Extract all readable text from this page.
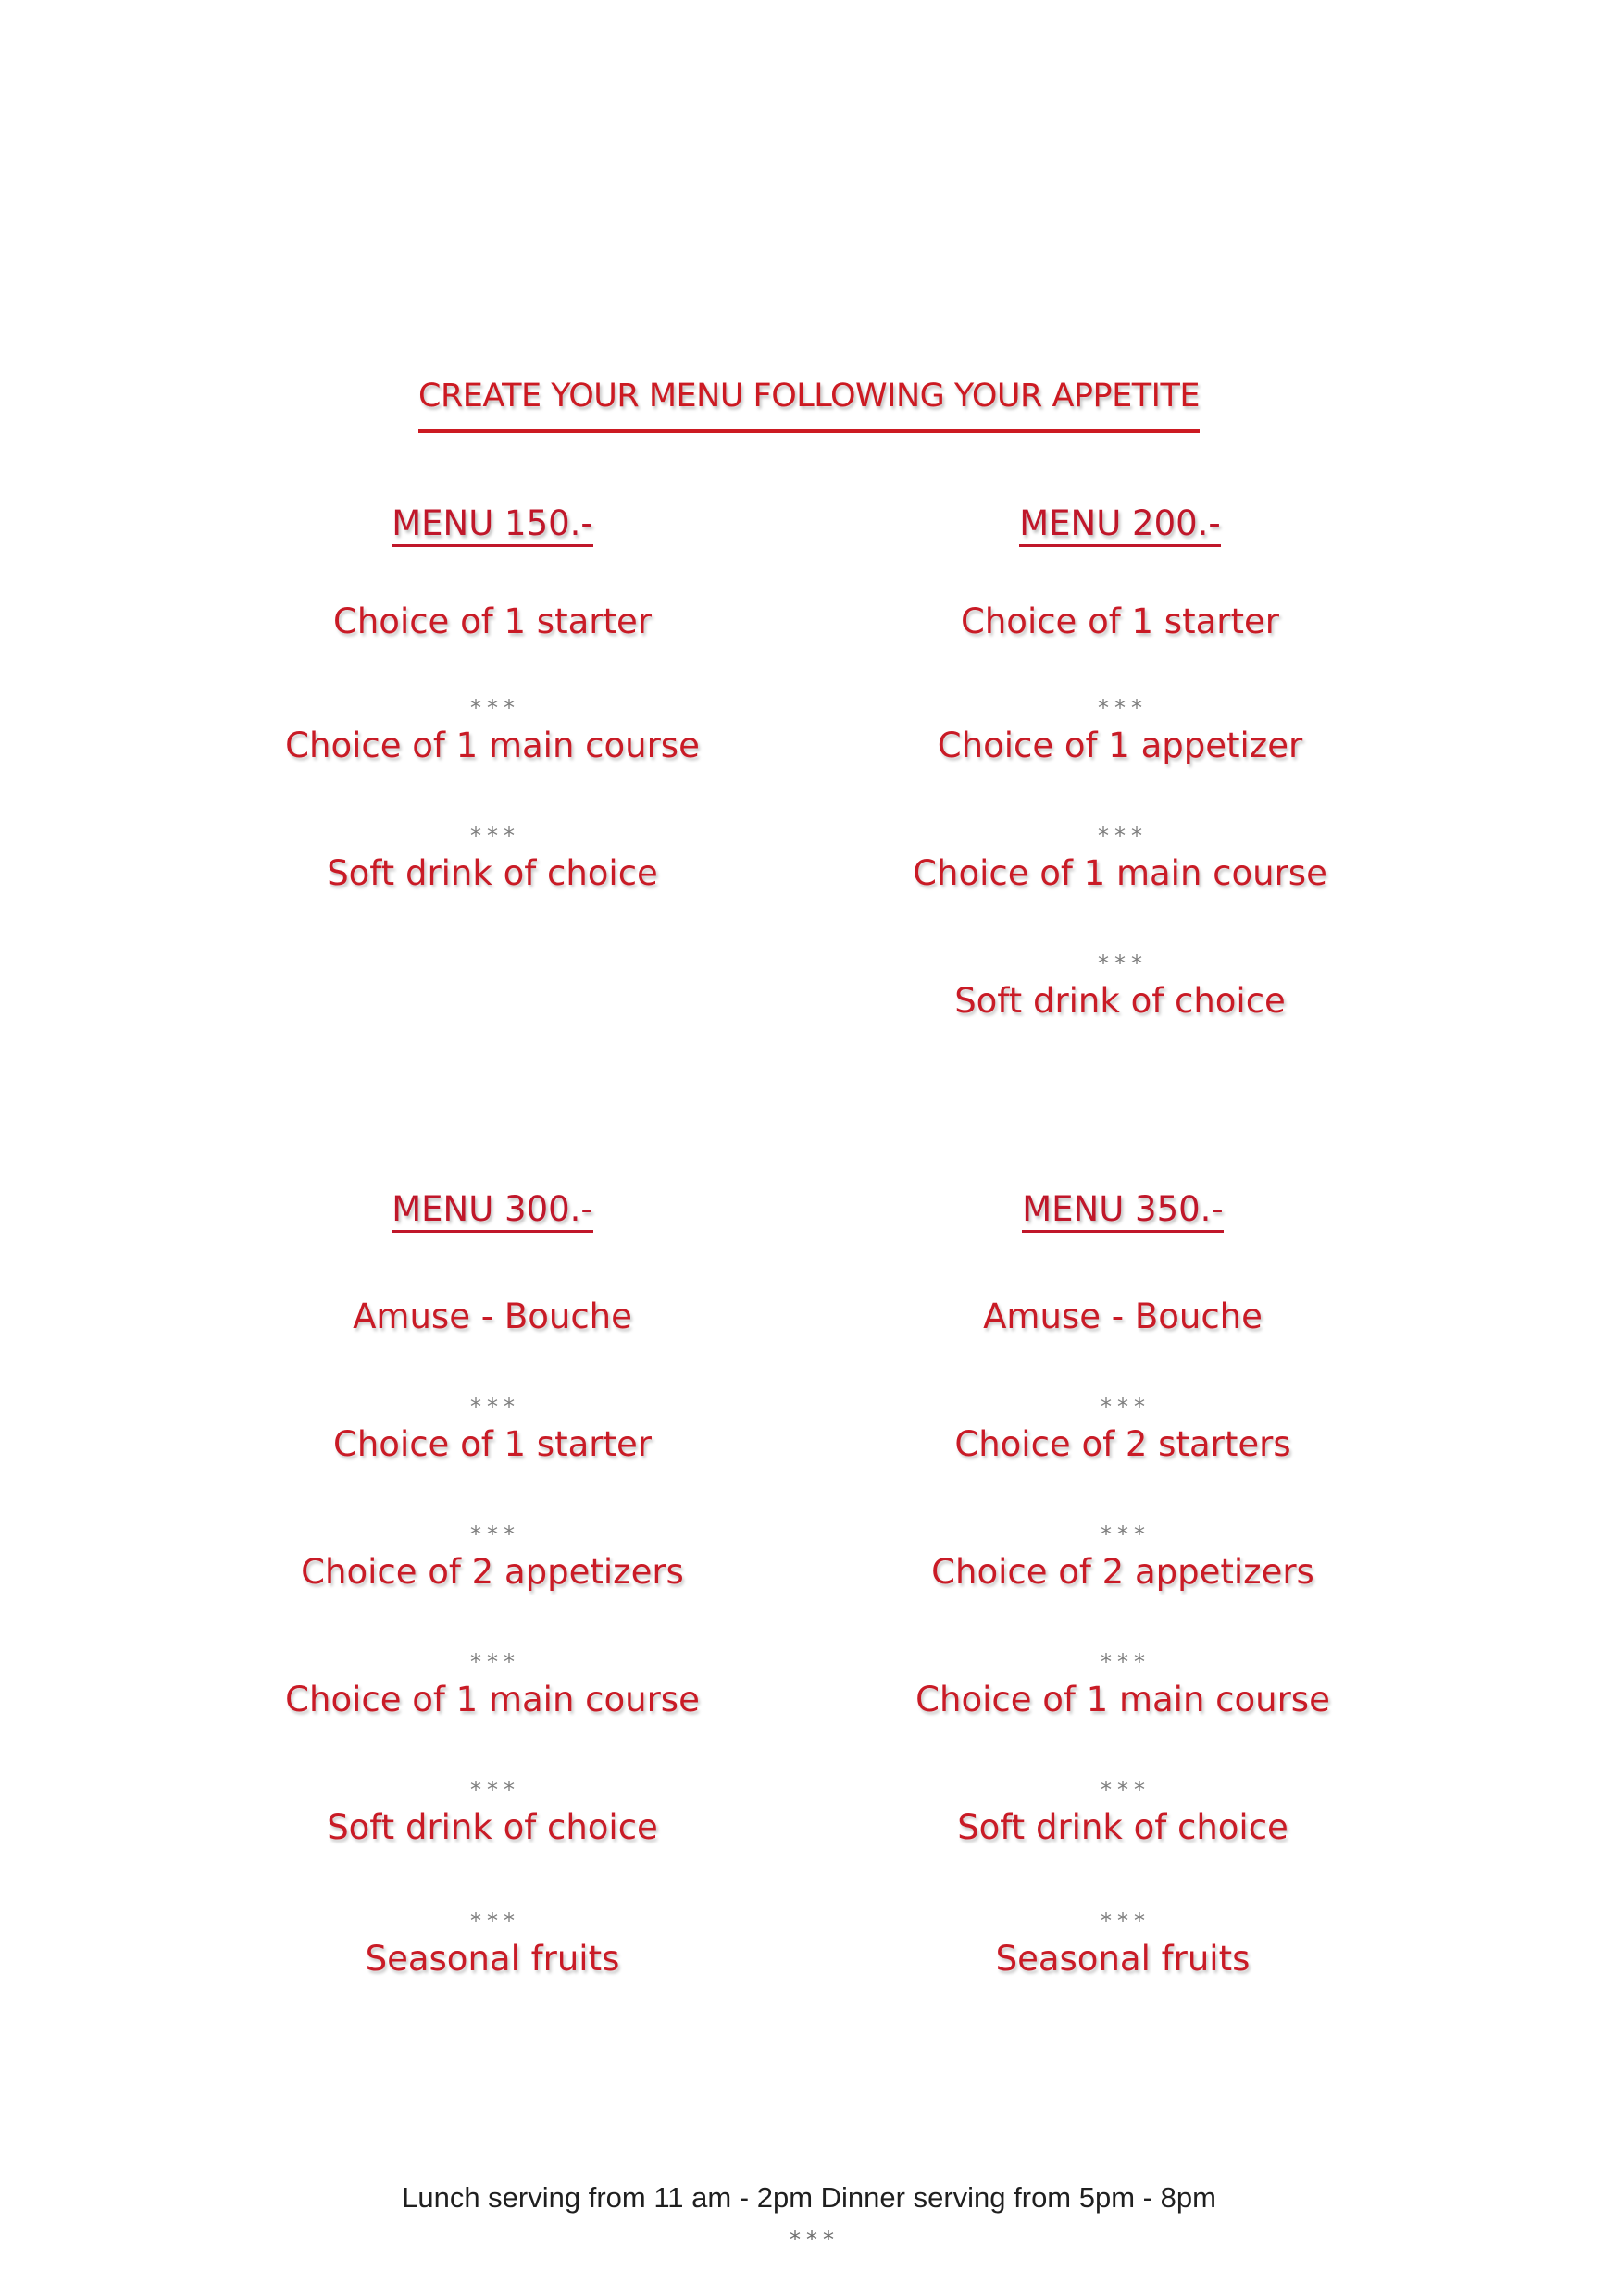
CREATE YOUR MENU FOLLOWING YOUR APPETITE
MENU 150.-
Choice of 1 starter
***
Choice of 1 main course
***
Soft drink of choice
MENU 200.-
Choice of 1 starter
***
Choice of 1 appetizer
***
Choice of 1 main course
***
Soft drink of choice
MENU 300.-
Amuse - Bouche
***
Choice of 1 starter
***
Choice of 2 appetizers
***
Choice of 1 main course
***
Soft drink of choice
***
Seasonal fruits
MENU 350.-
Amuse - Bouche
***
Choice of 2 starters
***
Choice of 2 appetizers
***
Choice of 1 main course
***
Soft drink of choice
***
Seasonal fruits
Lunch serving from 11 am - 2pm Dinner serving from 5pm - 8pm
***
